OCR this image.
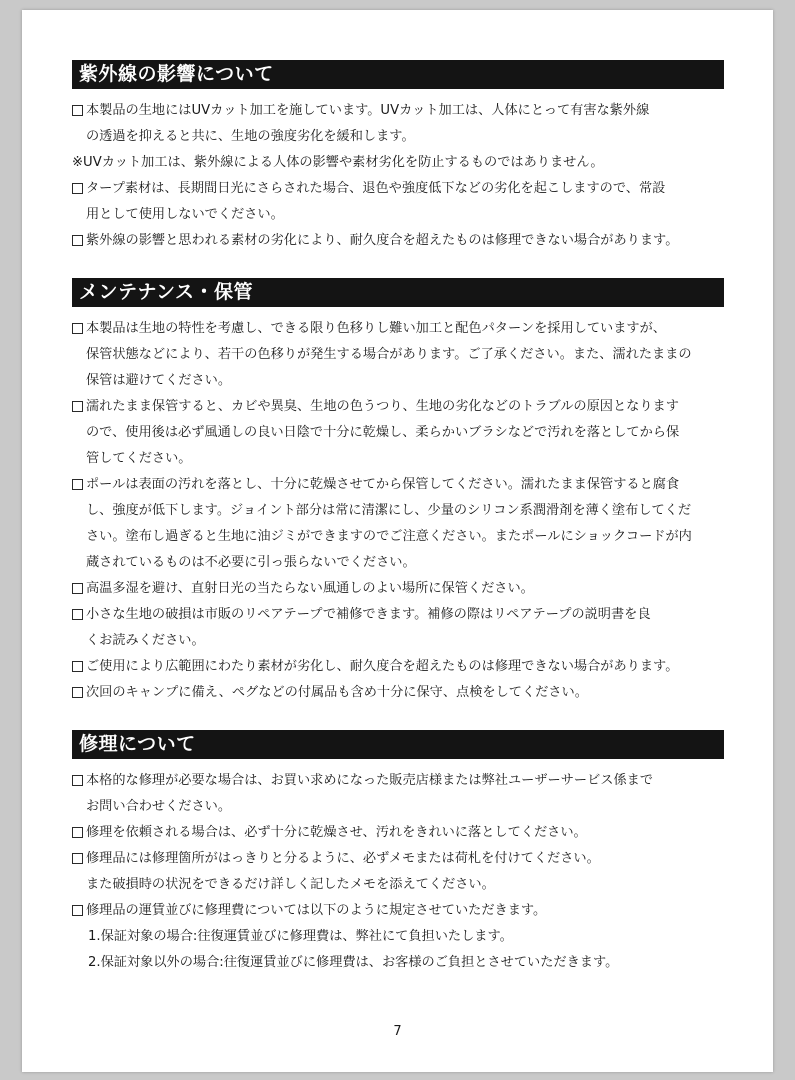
紫外線の影響について
本製品の生地にはUVカット加工を施しています。UVカット加工は、人体にとって有害な紫外線
の透過を抑えると共に、生地の強度劣化を緩和します。
※UVカット加工は、紫外線による人体の影響や素材劣化を防止するものではありません。
タープ素材は、長期間日光にさらされた場合、退色や強度低下などの劣化を起こしますので、常設
用として使用しないでください。
紫外線の影響と思われる素材の劣化により、耐久度合を超えたものは修理できない場合があります。
メンテナンス・保管
本製品は生地の特性を考慮し、できる限り色移りし難い加工と配色パターンを採用していますが、
保管状態などにより、若干の色移りが発生する場合があります。ご了承ください。また、濡れたままの
保管は避けてください。
濡れたまま保管すると、カビや異臭、生地の色うつり、生地の劣化などのトラブルの原因となります
ので、使用後は必ず風通しの良い日陰で十分に乾燥し、柔らかいブラシなどで汚れを落としてから保
管してください。
ポールは表面の汚れを落とし、十分に乾燥させてから保管してください。濡れたまま保管すると腐食
し、強度が低下します。ジョイント部分は常に清潔にし、少量のシリコン系潤滑剤を薄く塗布してくだ
さい。塗布し過ぎると生地に油ジミができますのでご注意ください。またポールにショックコードが内
蔵されているものは不必要に引っ張らないでください。
高温多湿を避け、直射日光の当たらない風通しのよい場所に保管ください。
小さな生地の破損は市販のリペアテープで補修できます。補修の際はリペアテープの説明書を良
くお読みください。
ご使用により広範囲にわたり素材が劣化し、耐久度合を超えたものは修理できない場合があります。
次回のキャンプに備え、ペグなどの付属品も含め十分に保守、点検をしてください。
修理について
本格的な修理が必要な場合は、お買い求めになった販売店様または弊社ユーザーサービス係まで
お問い合わせください。
修理を依頼される場合は、必ず十分に乾燥させ、汚れをきれいに落としてください。
修理品には修理箇所がはっきりと分るように、必ずメモまたは荷札を付けてください。
また破損時の状況をできるだけ詳しく記したメモを添えてください。
修理品の運賃並びに修理費については以下のように規定させていただきます。
1.保証対象の場合:往復運賃並びに修理費は、弊社にて負担いたします。
2.保証対象以外の場合:往復運賃並びに修理費は、お客様のご負担とさせていただきます。
7
